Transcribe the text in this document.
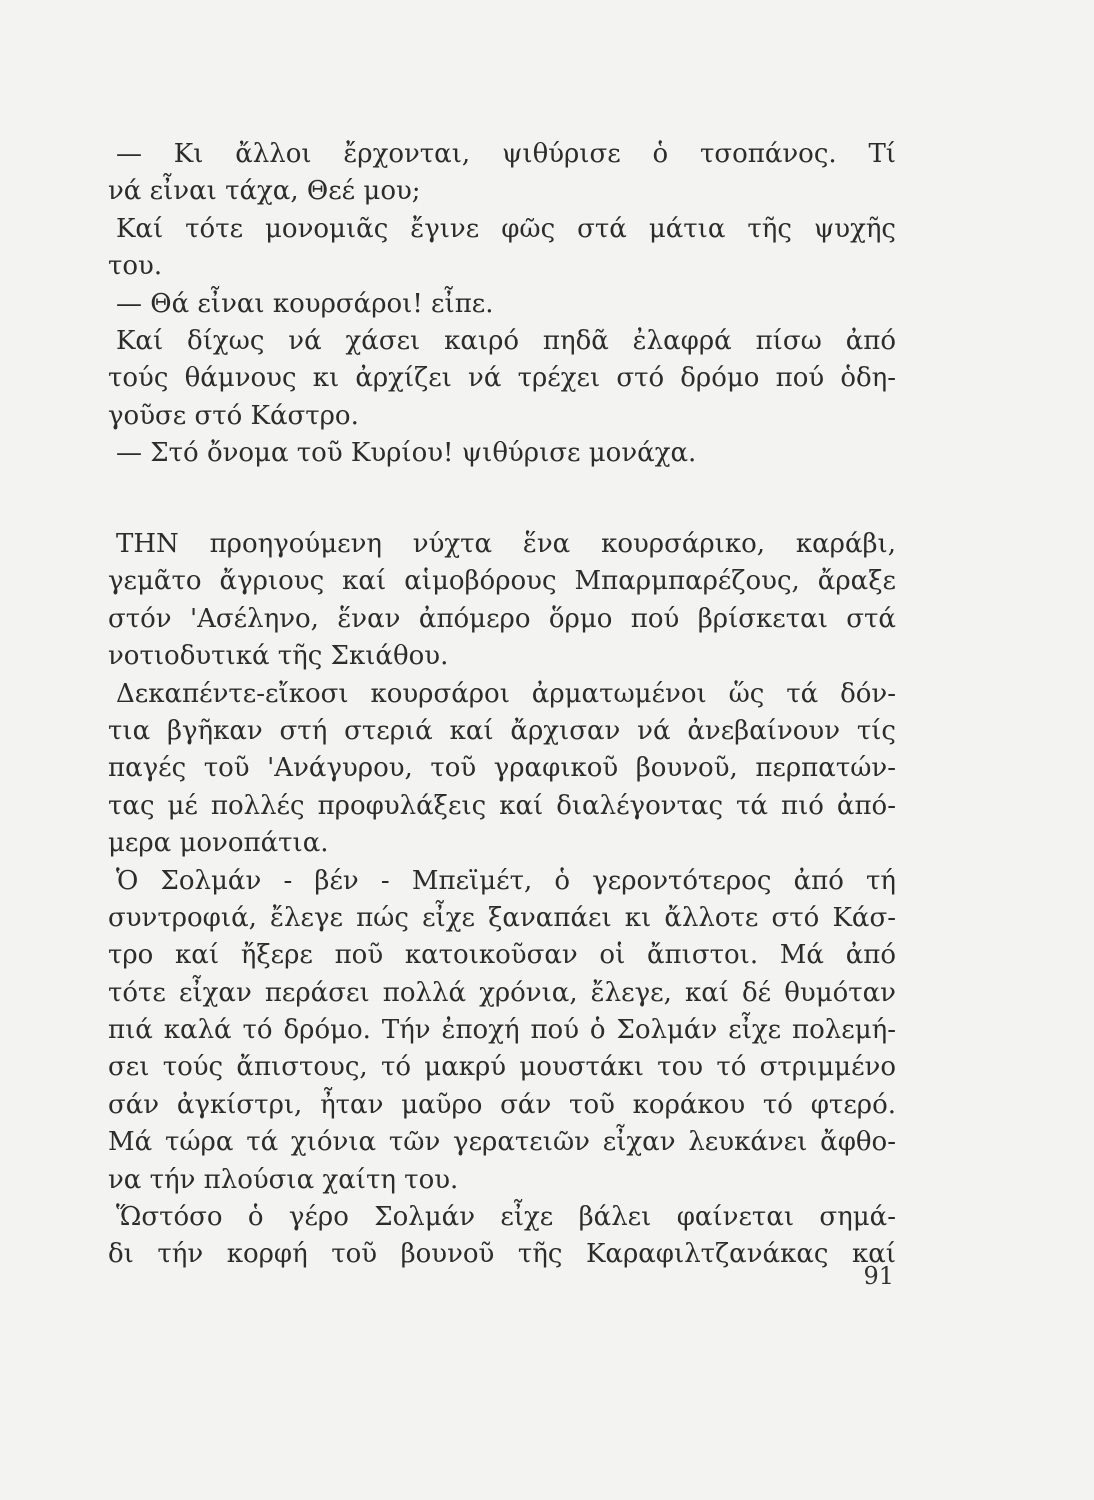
— Κι ἄλλοι ἔρχονται, ψιθύρισε ὁ τσοπάνος. Τί
νά εἶναι τάχα, Θεέ μου;
Καί τότε μονομιᾶς ἔγινε φῶς στά μάτια τῆς ψυχῆς
του.
— Θά εἶναι κουρσάροι! εἶπε.
Καί δίχως νά χάσει καιρό πηδᾶ ἐλαφρά πίσω ἀπό
τούς θάμνους κι ἀρχίζει νά τρέχει στό δρόμο πού ὁδη-
γοῦσε στό Κάστρο.
— Στό ὄνομα τοῦ Κυρίου! ψιθύρισε μονάχα.
ΤΗΝ προηγούμενη νύχτα ἕνα κουρσάρικο, καράβι,
γεμᾶτο ἄγριους καί αἱμοβόρους Μπαρμπαρέζους, ἄραξε
στόν 'Ασέληνο, ἕναν ἀπόμερο ὅρμο πού βρίσκεται στά
νοτιοδυτικά τῆς Σκιάθου.
Δεκαπέντε-εἴκοσι κουρσάροι ἀρματωμένοι ὥς τά δόν-
τια βγῆκαν στή στεριά καί ἄρχισαν νά ἀνεβαίνουν τίς
παγές τοῦ 'Ανάγυρου, τοῦ γραφικοῦ βουνοῦ, περπατών-
τας μέ πολλές προφυλάξεις καί διαλέγοντας τά πιό ἀπό-
μερα μονοπάτια.
Ὁ Σολμάν - βέν - Μπεϊμέτ, ὁ γεροντότερος ἀπό τή
συντροφιά, ἔλεγε πώς εἶχε ξαναπάει κι ἄλλοτε στό Κάσ-
τρο καί ἤξερε ποῦ κατοικοῦσαν οἱ ἄπιστοι. Μά ἀπό
τότε εἶχαν περάσει πολλά χρόνια, ἔλεγε, καί δέ θυμόταν
πιά καλά τό δρόμο. Τήν ἐποχή πού ὁ Σολμάν εἶχε πολεμή-
σει τούς ἄπιστους, τό μακρύ μουστάκι του τό στριμμένο
σάν ἀγκίστρι, ἦταν μαῦρο σάν τοῦ κοράκου τό φτερό.
Μά τώρα τά χιόνια τῶν γερατειῶν εἶχαν λευκάνει ἄφθο-
να τήν πλούσια χαίτη του.
Ὥστόσο ὁ γέρο Σολμάν εἶχε βάλει φαίνεται σημά-
δι τήν κορφή τοῦ βουνοῦ τῆς Καραφιλτζανάκας καί
91
